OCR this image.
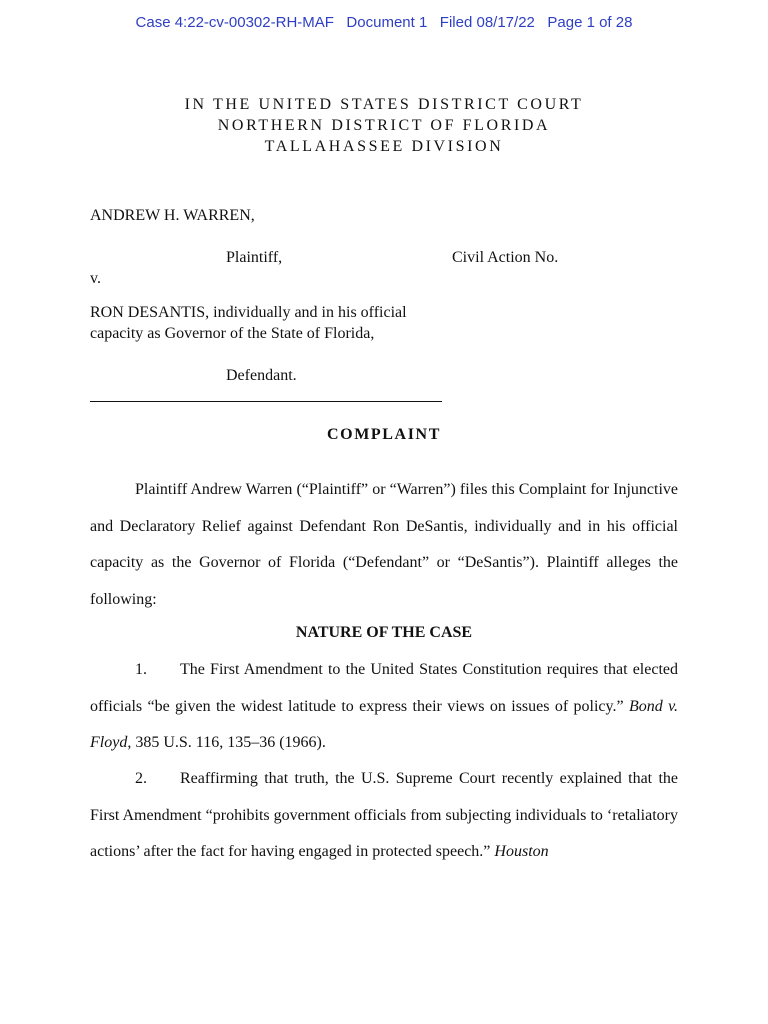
Case 4:22-cv-00302-RH-MAF   Document 1   Filed 08/17/22   Page 1 of 28
IN THE UNITED STATES DISTRICT COURT
NORTHERN DISTRICT OF FLORIDA
TALLAHASSEE DIVISION
ANDREW H. WARREN,
Plaintiff,	Civil Action No.
v.
RON DESANTIS, individually and in his official
capacity as Governor of the State of Florida,
Defendant.
COMPLAINT

Plaintiff Andrew Warren (“Plaintiff” or “Warren”) files this Complaint for Injunctive and Declaratory Relief against Defendant Ron DeSantis, individually and in his official capacity as the Governor of Florida (“Defendant” or “DeSantis”). Plaintiff alleges the following:

NATURE OF THE CASE

1. The First Amendment to the United States Constitution requires that elected officials “be given the widest latitude to express their views on issues of policy.” Bond v. Floyd, 385 U.S. 116, 135–36 (1966).

2. Reaffirming that truth, the U.S. Supreme Court recently explained that the First Amendment “prohibits government officials from subjecting individuals to ‘retaliatory actions’ after the fact for having engaged in protected speech.” Houston
